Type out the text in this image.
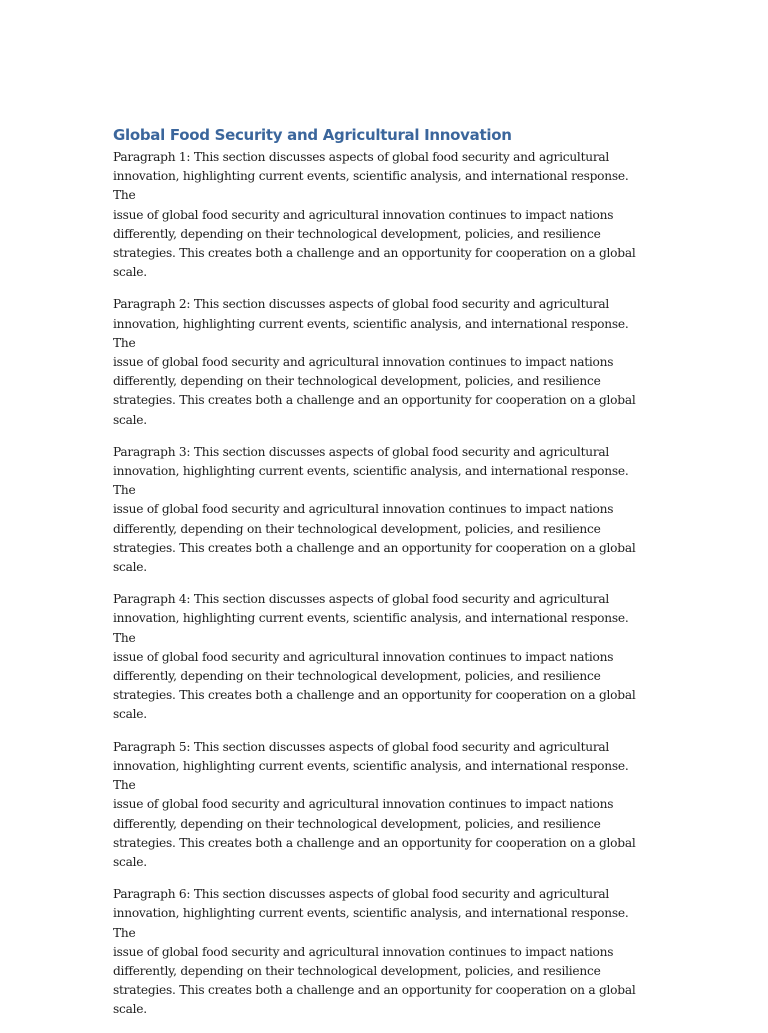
Global Food Security and Agricultural Innovation

Paragraph 1: This section discusses aspects of global food security and agricultural
innovation, highlighting current events, scientific analysis, and international response. The
issue of global food security and agricultural innovation continues to impact nations
differently, depending on their technological development, policies, and resilience
strategies. This creates both a challenge and an opportunity for cooperation on a global
scale.

Paragraph 2: This section discusses aspects of global food security and agricultural
innovation, highlighting current events, scientific analysis, and international response. The
issue of global food security and agricultural innovation continues to impact nations
differently, depending on their technological development, policies, and resilience
strategies. This creates both a challenge and an opportunity for cooperation on a global
scale.

Paragraph 3: This section discusses aspects of global food security and agricultural
innovation, highlighting current events, scientific analysis, and international response. The
issue of global food security and agricultural innovation continues to impact nations
differently, depending on their technological development, policies, and resilience
strategies. This creates both a challenge and an opportunity for cooperation on a global
scale.

Paragraph 4: This section discusses aspects of global food security and agricultural
innovation, highlighting current events, scientific analysis, and international response. The
issue of global food security and agricultural innovation continues to impact nations
differently, depending on their technological development, policies, and resilience
strategies. This creates both a challenge and an opportunity for cooperation on a global
scale.

Paragraph 5: This section discusses aspects of global food security and agricultural
innovation, highlighting current events, scientific analysis, and international response. The
issue of global food security and agricultural innovation continues to impact nations
differently, depending on their technological development, policies, and resilience
strategies. This creates both a challenge and an opportunity for cooperation on a global
scale.

Paragraph 6: This section discusses aspects of global food security and agricultural
innovation, highlighting current events, scientific analysis, and international response. The
issue of global food security and agricultural innovation continues to impact nations
differently, depending on their technological development, policies, and resilience
strategies. This creates both a challenge and an opportunity for cooperation on a global
scale.
